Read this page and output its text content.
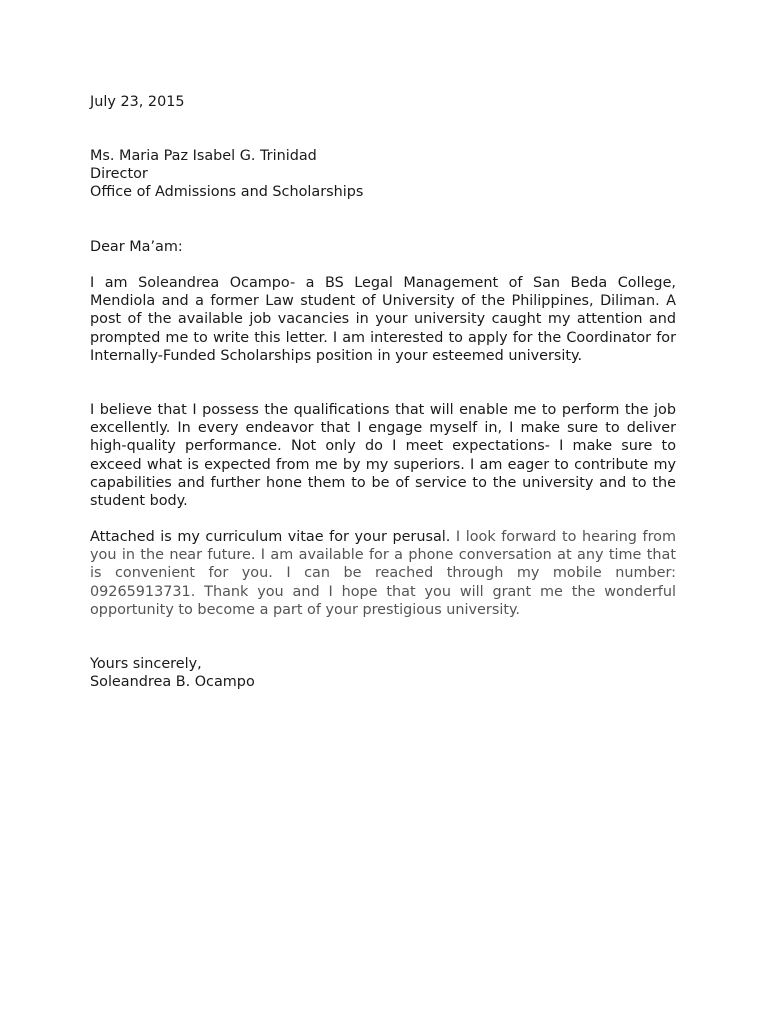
July 23, 2015
Ms. Maria Paz Isabel G. Trinidad
Director
Office of Admissions and Scholarships
Dear Ma’am:
I am Soleandrea Ocampo- a BS Legal Management of San Beda College, Mendiola and a former Law student of University of the Philippines, Diliman. A post of the available job vacancies in your university caught my attention and prompted me to write this letter. I am interested to apply for the Coordinator for Internally-Funded Scholarships position in your esteemed university.
I believe that I possess the qualifications that will enable me to perform the job excellently. In every endeavor that I engage myself in, I make sure to deliver high-quality performance. Not only do I meet expectations- I make sure to exceed what is expected from me by my superiors. I am eager to contribute my capabilities and further hone them to be of service to the university and to the student body.
Attached is my curriculum vitae for your perusal. I look forward to hearing from you in the near future. I am available for a phone conversation at any time that is convenient for you. I can be reached through my mobile number: 09265913731. Thank you and I hope that you will grant me the wonderful opportunity to become a part of your prestigious university.
Yours sincerely,
Soleandrea B. Ocampo
